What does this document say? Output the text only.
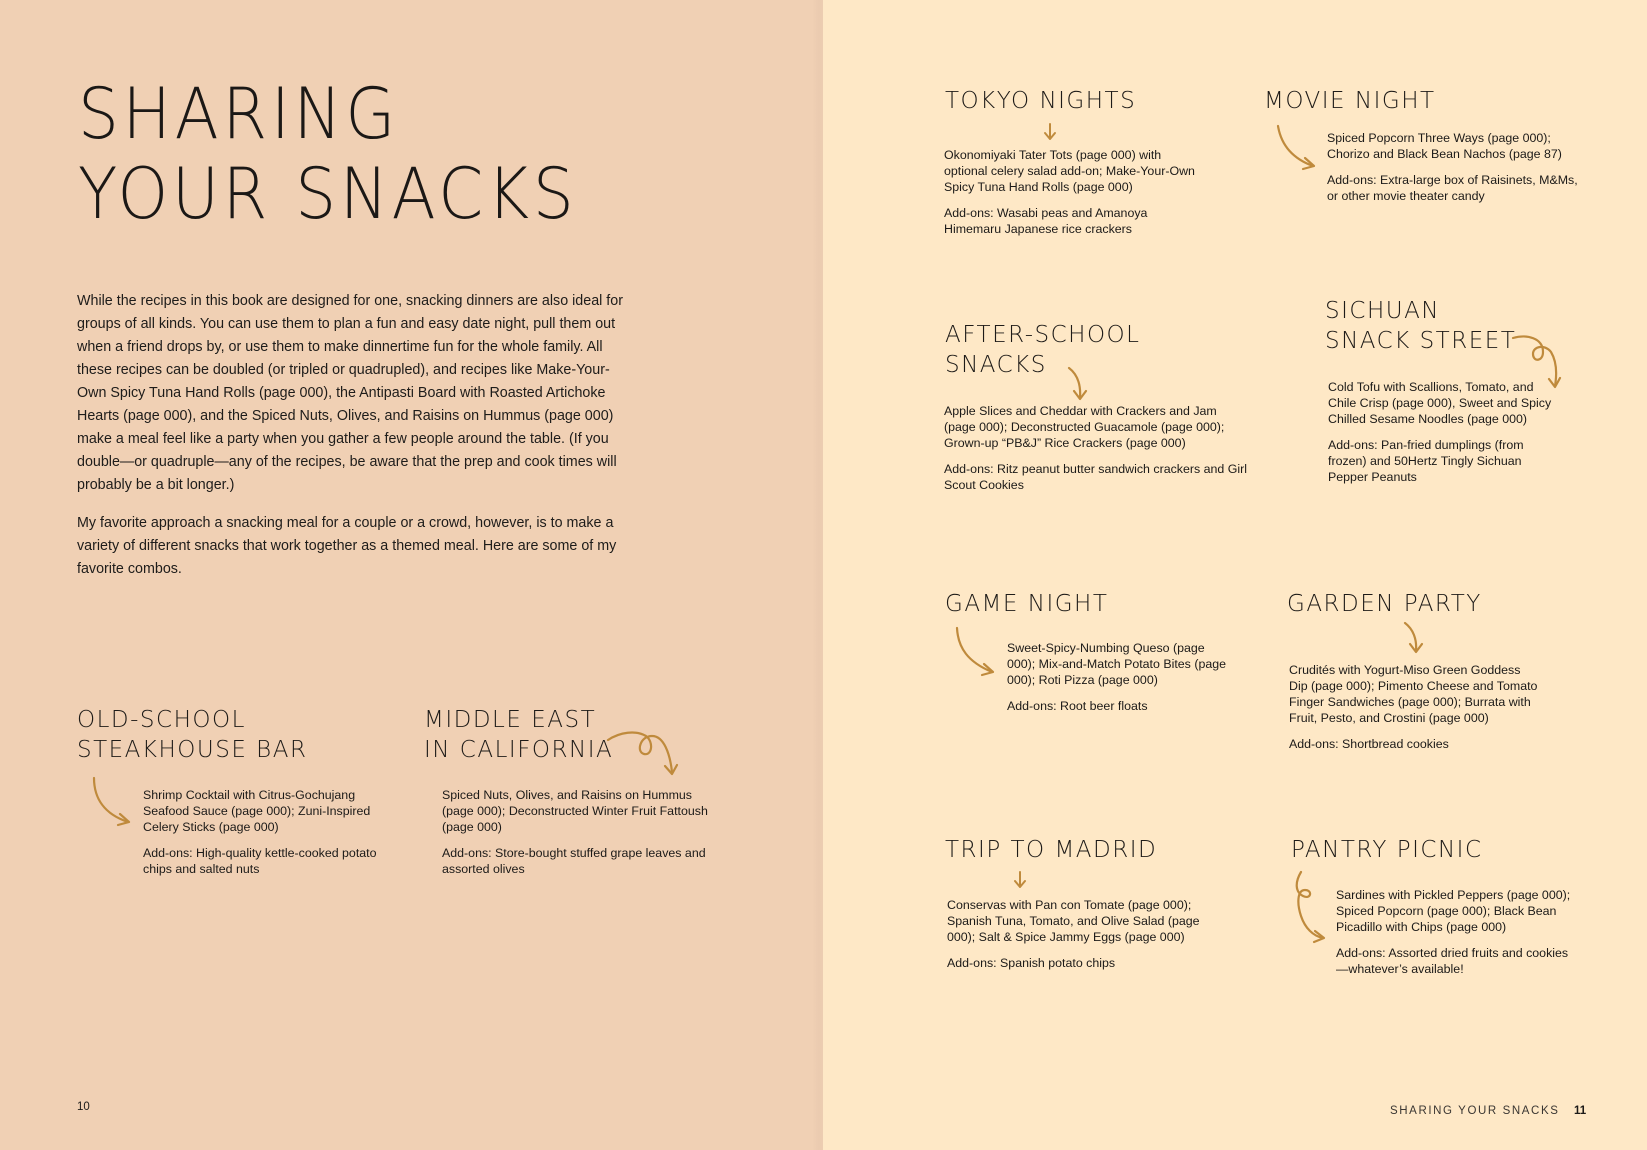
SHARING
YOUR SNACKS

While the recipes in this book are designed for one, snacking dinners are also ideal for groups of all kinds. You can use them to plan a fun and easy date night, pull them out when a friend drops by, or use them to make dinnertime fun for the whole family. All these recipes can be doubled (or tripled or quadrupled), and recipes like Make-Your-Own Spicy Tuna Hand Rolls (page 000), the Antipasti Board with Roasted Artichoke Hearts (page 000), and the Spiced Nuts, Olives, and Raisins on Hummus (page 000) make a meal feel like a party when you gather a few people around the table. (If you double—or quadruple—any of the recipes, be aware that the prep and cook times will probably be a bit longer.)

My favorite approach a snacking meal for a couple or a crowd, however, is to make a variety of different snacks that work together as a themed meal. Here are some of my favorite combos.

OLD-SCHOOL
STEAKHOUSE BAR

Shrimp Cocktail with Citrus-Gochujang Seafood Sauce (page 000); Zuni-Inspired Celery Sticks (page 000)

Add-ons: High-quality kettle-cooked potato chips and salted nuts

MIDDLE EAST
IN CALIFORNIA

Spiced Nuts, Olives, and Raisins on Hummus (page 000); Deconstructed Winter Fruit Fattoush (page 000)

Add-ons: Store-bought stuffed grape leaves and assorted olives

10
TOKYO NIGHTS

Okonomiyaki Tater Tots (page 000) with optional celery salad add-on; Make-Your-Own Spicy Tuna Hand Rolls (page 000)

Add-ons: Wasabi peas and Amanoya Himemaru Japanese rice crackers

MOVIE NIGHT

Spiced Popcorn Three Ways (page 000); Chorizo and Black Bean Nachos (page 87)

Add-ons: Extra-large box of Raisinets, M&Ms, or other movie theater candy

AFTER-SCHOOL
SNACKS

Apple Slices and Cheddar with Crackers and Jam (page 000); Deconstructed Guacamole (page 000); Grown-up “PB&J” Rice Crackers (page 000)

Add-ons: Ritz peanut butter sandwich crackers and Girl Scout Cookies

SICHUAN
SNACK STREET

Cold Tofu with Scallions, Tomato, and Chile Crisp (page 000), Sweet and Spicy Chilled Sesame Noodles (page 000)

Add-ons: Pan-fried dumplings (from frozen) and 50Hertz Tingly Sichuan Pepper Peanuts

GAME NIGHT

Sweet-Spicy-Numbing Queso (page 000); Mix-and-Match Potato Bites (page 000); Roti Pizza (page 000)

Add-ons: Root beer floats

GARDEN PARTY

Crudités with Yogurt-Miso Green Goddess Dip (page 000); Pimento Cheese and Tomato Finger Sandwiches (page 000); Burrata with Fruit, Pesto, and Crostini (page 000)

Add-ons: Shortbread cookies

TRIP TO MADRID

Conservas with Pan con Tomate (page 000); Spanish Tuna, Tomato, and Olive Salad (page 000); Salt & Spice Jammy Eggs (page 000)

Add-ons: Spanish potato chips

PANTRY PICNIC

Sardines with Pickled Peppers (page 000); Spiced Popcorn (page 000); Black Bean Picadillo with Chips (page 000)

Add-ons: Assorted dried fruits and cookies—whatever’s available!

SHARING YOUR SNACKS 11
